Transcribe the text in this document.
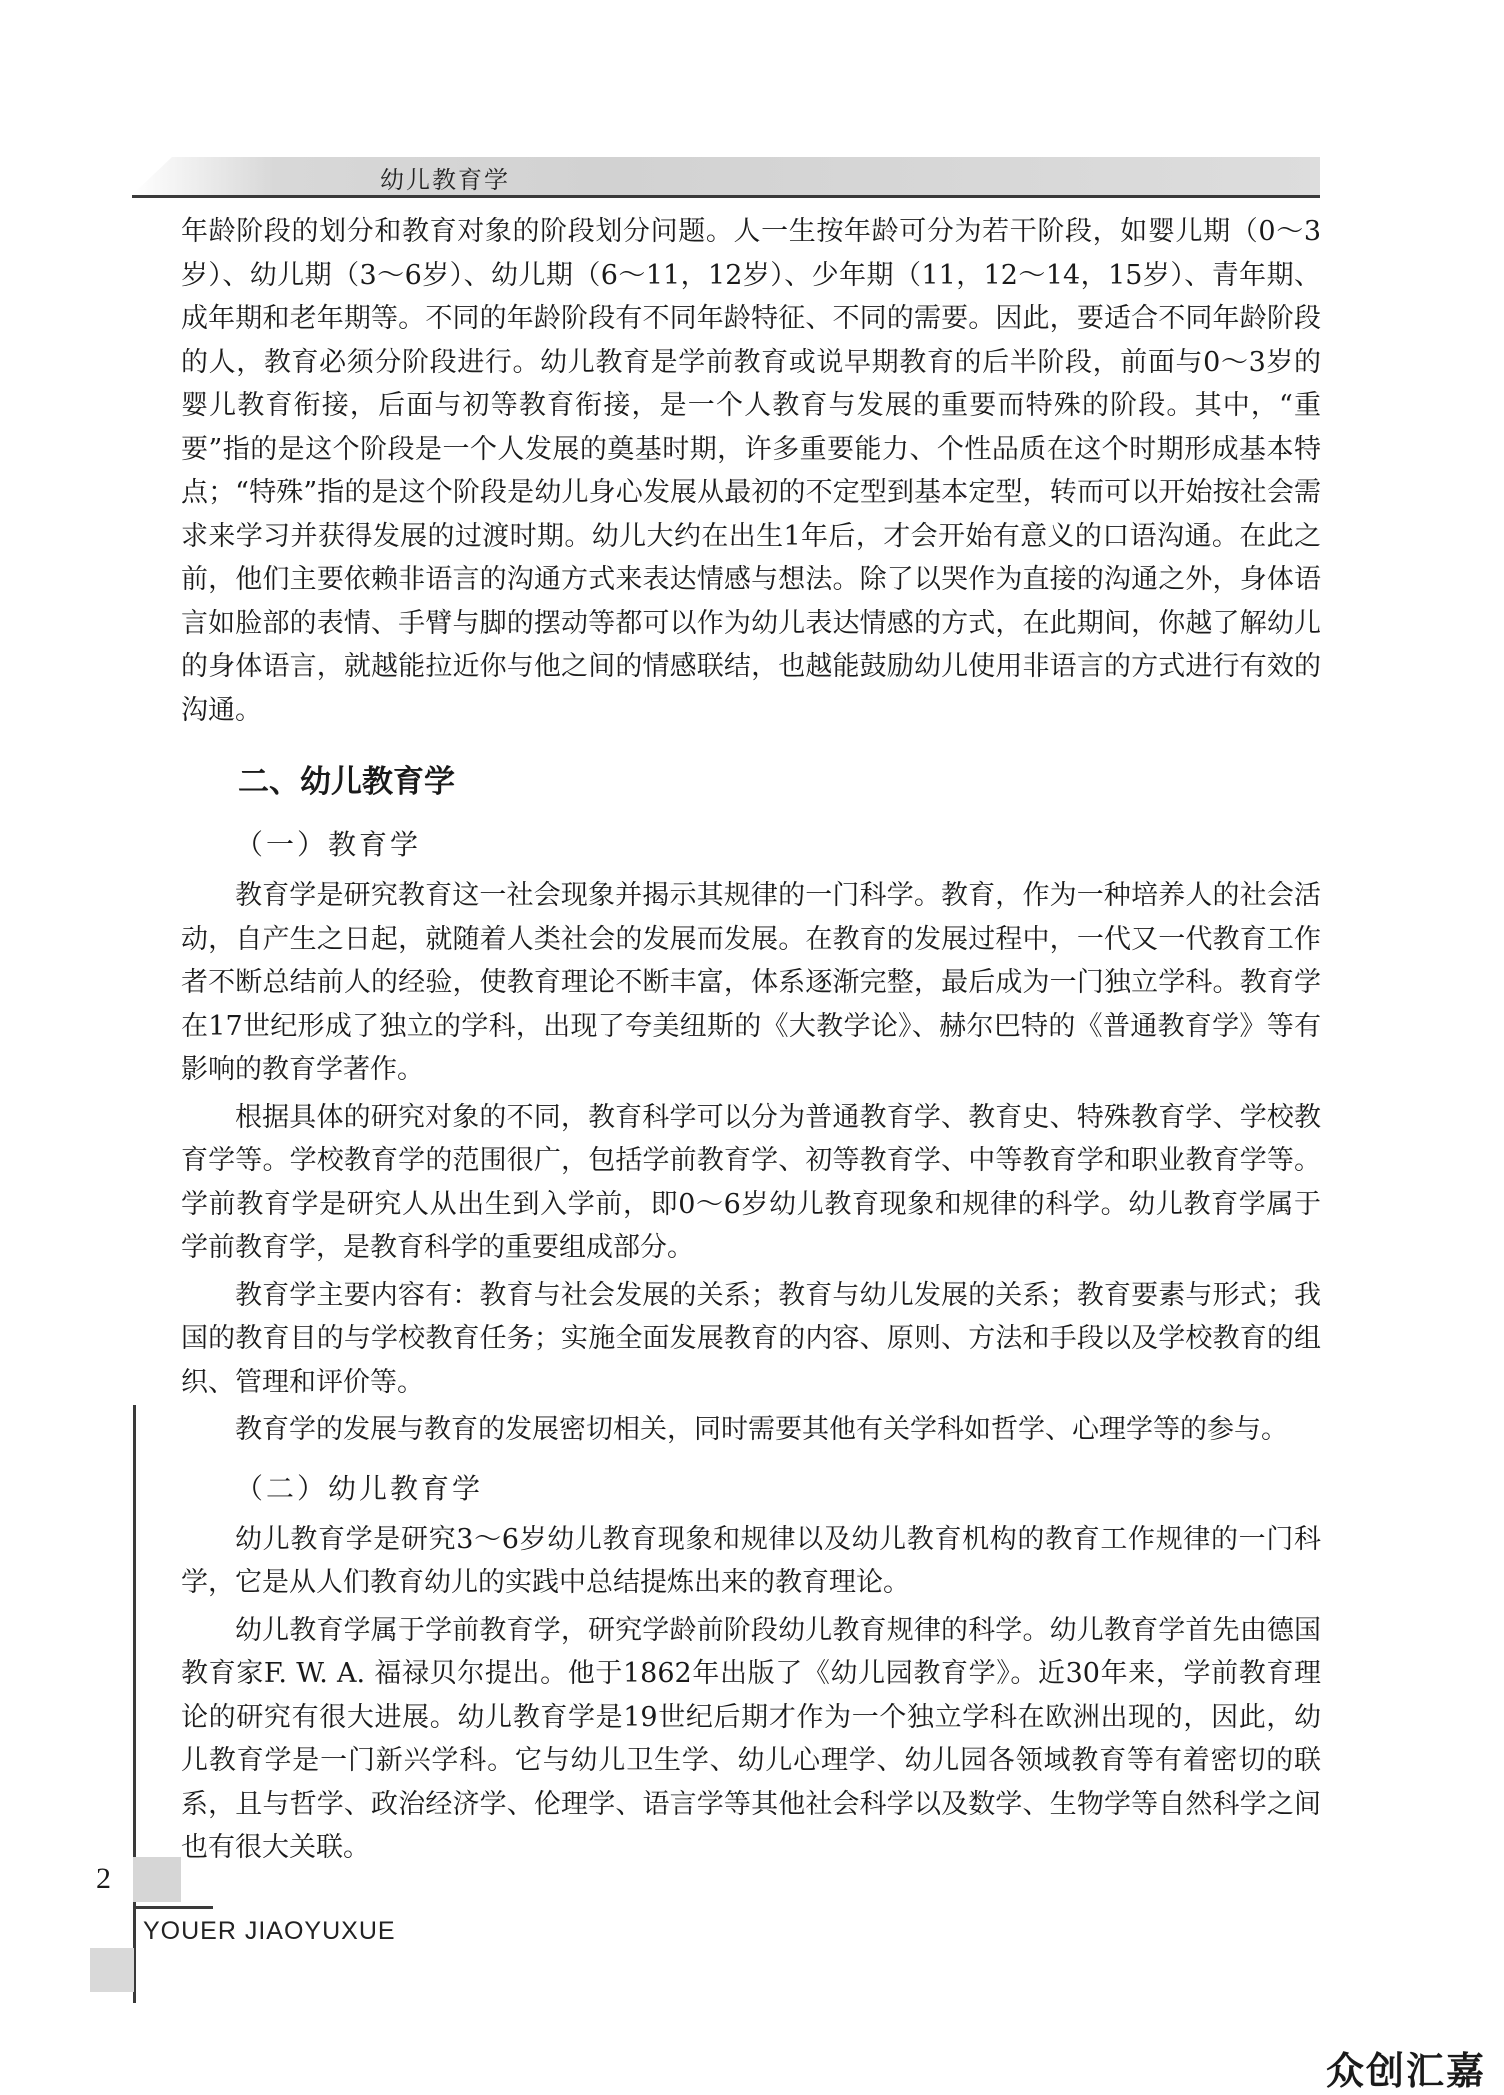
幼儿教育学

年龄阶段的划分和教育对象的阶段划分问题。人一生按年龄可分为若干阶段，如婴儿期（0～3岁）、幼儿期（3～6岁）、幼儿期（6～11，12岁）、少年期（11，12～14，15岁）、青年期、成年期和老年期等。不同的年龄阶段有不同年龄特征、不同的需要。因此，要适合不同年龄阶段的人，教育必须分阶段进行。幼儿教育是学前教育或说早期教育的后半阶段，前面与0～3岁的婴儿教育衔接，后面与初等教育衔接，是一个人教育与发展的重要而特殊的阶段。其中，“重要”指的是这个阶段是一个人发展的奠基时期，许多重要能力、个性品质在这个时期形成基本特点；“特殊”指的是这个阶段是幼儿身心发展从最初的不定型到基本定型，转而可以开始按社会需求来学习并获得发展的过渡时期。幼儿大约在出生1年后，才会开始有意义的口语沟通。在此之前，他们主要依赖非语言的沟通方式来表达情感与想法。除了以哭作为直接的沟通之外，身体语言如脸部的表情、手臂与脚的摆动等都可以作为幼儿表达情感的方式，在此期间，你越了解幼儿的身体语言，就越能拉近你与他之间的情感联结，也越能鼓励幼儿使用非语言的方式进行有效的沟通。

二、幼儿教育学
（一）教育学

教育学是研究教育这一社会现象并揭示其规律的一门科学。教育，作为一种培养人的社会活动，自产生之日起，就随着人类社会的发展而发展。在教育的发展过程中，一代又一代教育工作者不断总结前人的经验，使教育理论不断丰富，体系逐渐完整，最后成为一门独立学科。教育学在17世纪形成了独立的学科，出现了夸美纽斯的《大教学论》、赫尔巴特的《普通教育学》等有影响的教育学著作。

根据具体的研究对象的不同，教育科学可以分为普通教育学、教育史、特殊教育学、学校教育学等。学校教育学的范围很广，包括学前教育学、初等教育学、中等教育学和职业教育学等。学前教育学是研究人从出生到入学前，即0～6岁幼儿教育现象和规律的科学。幼儿教育学属于学前教育学，是教育科学的重要组成部分。

教育学主要内容有：教育与社会发展的关系；教育与幼儿发展的关系；教育要素与形式；我国的教育目的与学校教育任务；实施全面发展教育的内容、原则、方法和手段以及学校教育的组织、管理和评价等。

教育学的发展与教育的发展密切相关，同时需要其他有关学科如哲学、心理学等的参与。

（二）幼儿教育学

幼儿教育学是研究3～6岁幼儿教育现象和规律以及幼儿教育机构的教育工作规律的一门科学，它是从人们教育幼儿的实践中总结提炼出来的教育理论。

幼儿教育学属于学前教育学，研究学龄前阶段幼儿教育规律的科学。幼儿教育学首先由德国教育家F. W. A. 福禄贝尔提出。他于1862年出版了《幼儿园教育学》。近30年来，学前教育理论的研究有很大进展。幼儿教育学是19世纪后期才作为一个独立学科在欧洲出现的，因此，幼儿教育学是一门新兴学科。它与幼儿卫生学、幼儿心理学、幼儿园各领域教育等有着密切的联系，且与哲学、政治经济学、伦理学、语言学等其他社会科学以及数学、生物学等自然科学之间也有很大关联。

2
YOUER JIAOYUXUE
众创汇嘉
